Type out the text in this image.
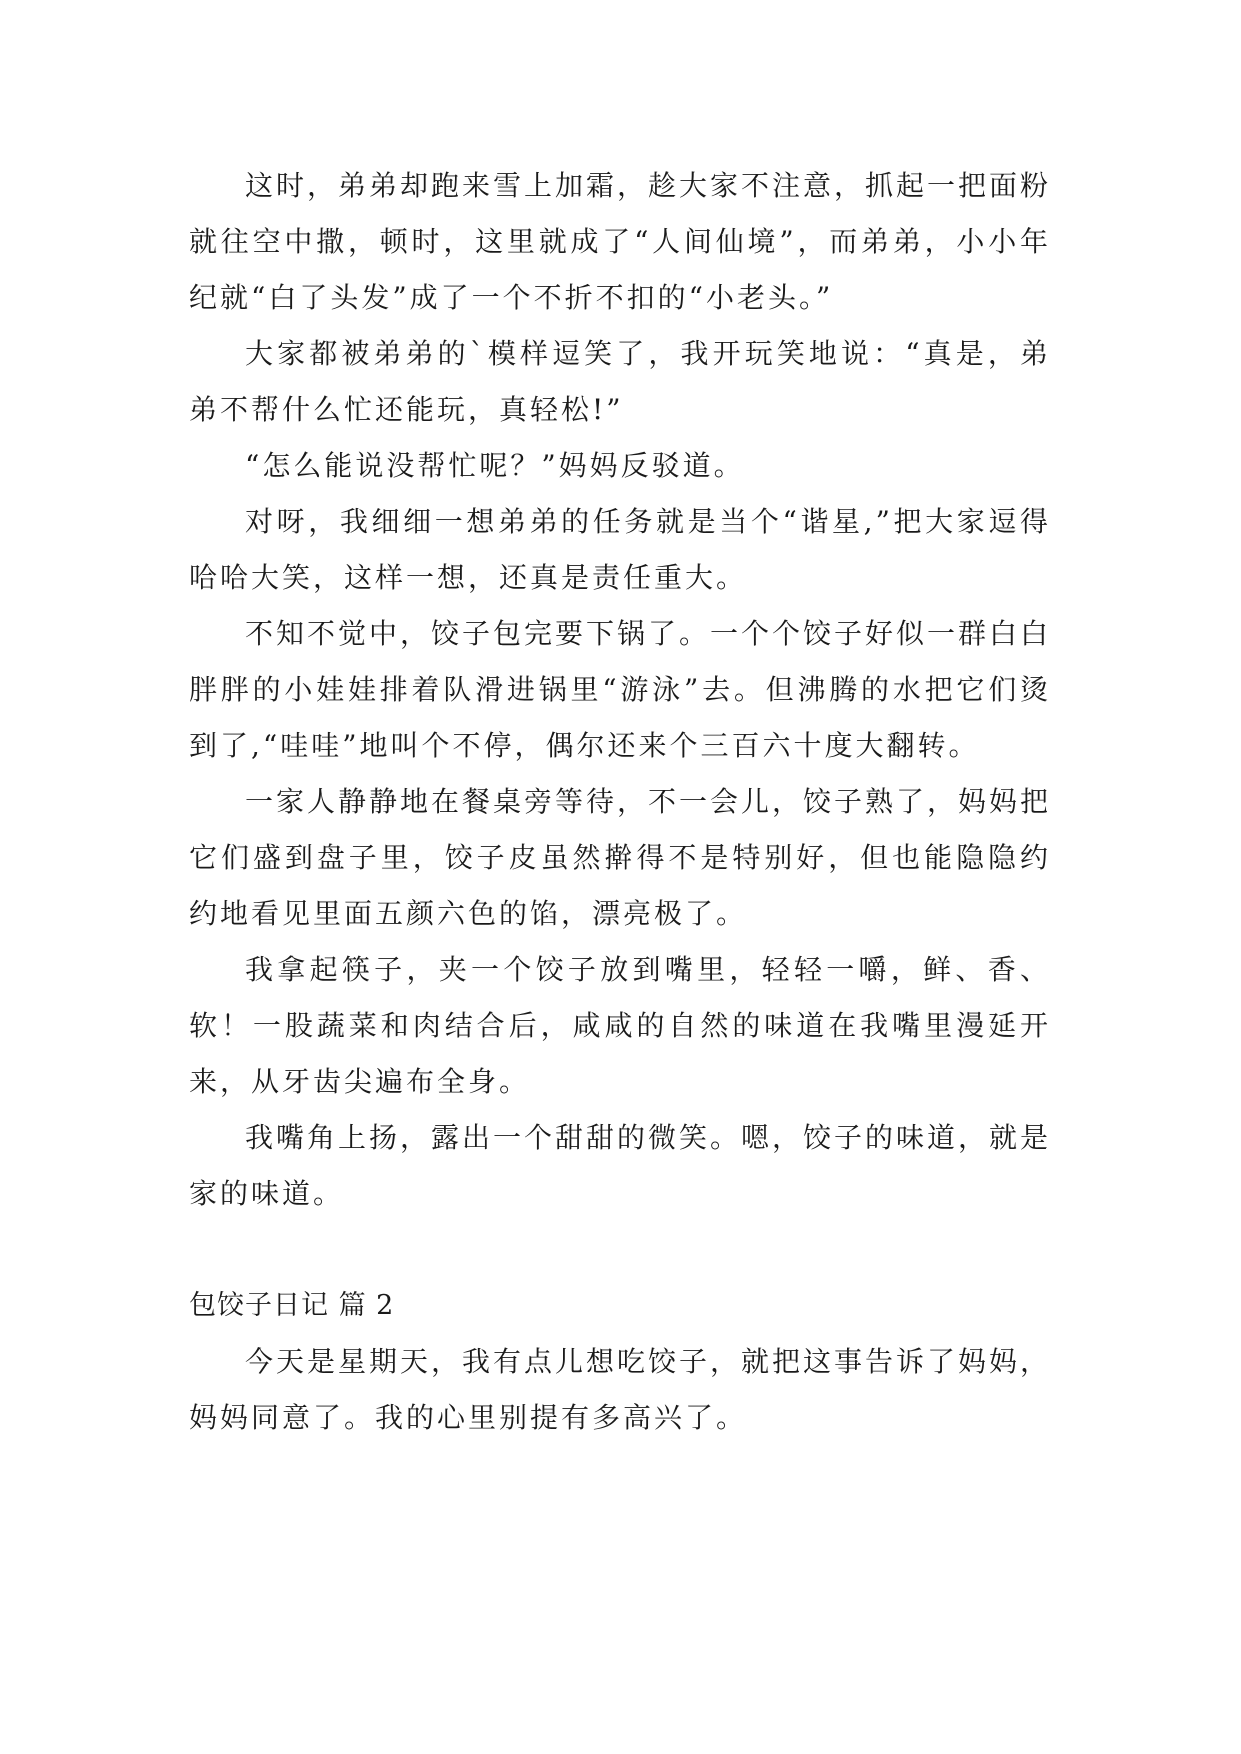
这时，弟弟却跑来雪上加霜，趁大家不注意，抓起一把面粉就往空中撒，顿时，这里就成了“人间仙境”，而弟弟，小小年纪就“白了头发”成了一个不折不扣的“小老头。”

大家都被弟弟的`模样逗笑了，我开玩笑地说：“真是，弟弟不帮什么忙还能玩，真轻松!”

“怎么能说没帮忙呢？”妈妈反驳道。

对呀，我细细一想弟弟的任务就是当个“谐星,”把大家逗得哈哈大笑，这样一想，还真是责任重大。

不知不觉中，饺子包完要下锅了。一个个饺子好似一群白白胖胖的小娃娃排着队滑进锅里“游泳”去。但沸腾的水把它们烫到了,“哇哇”地叫个不停，偶尔还来个三百六十度大翻转。

一家人静静地在餐桌旁等待，不一会儿，饺子熟了，妈妈把它们盛到盘子里，饺子皮虽然擀得不是特别好，但也能隐隐约约地看见里面五颜六色的馅，漂亮极了。

我拿起筷子，夹一个饺子放到嘴里，轻轻一嚼，鲜、香、软！一股蔬菜和肉结合后，咸咸的自然的味道在我嘴里漫延开来，从牙齿尖遍布全身。

我嘴角上扬，露出一个甜甜的微笑。嗯，饺子的味道，就是家的味道。

包饺子日记 篇 2

今天是星期天，我有点儿想吃饺子，就把这事告诉了妈妈，妈妈同意了。我的心里别提有多高兴了。
